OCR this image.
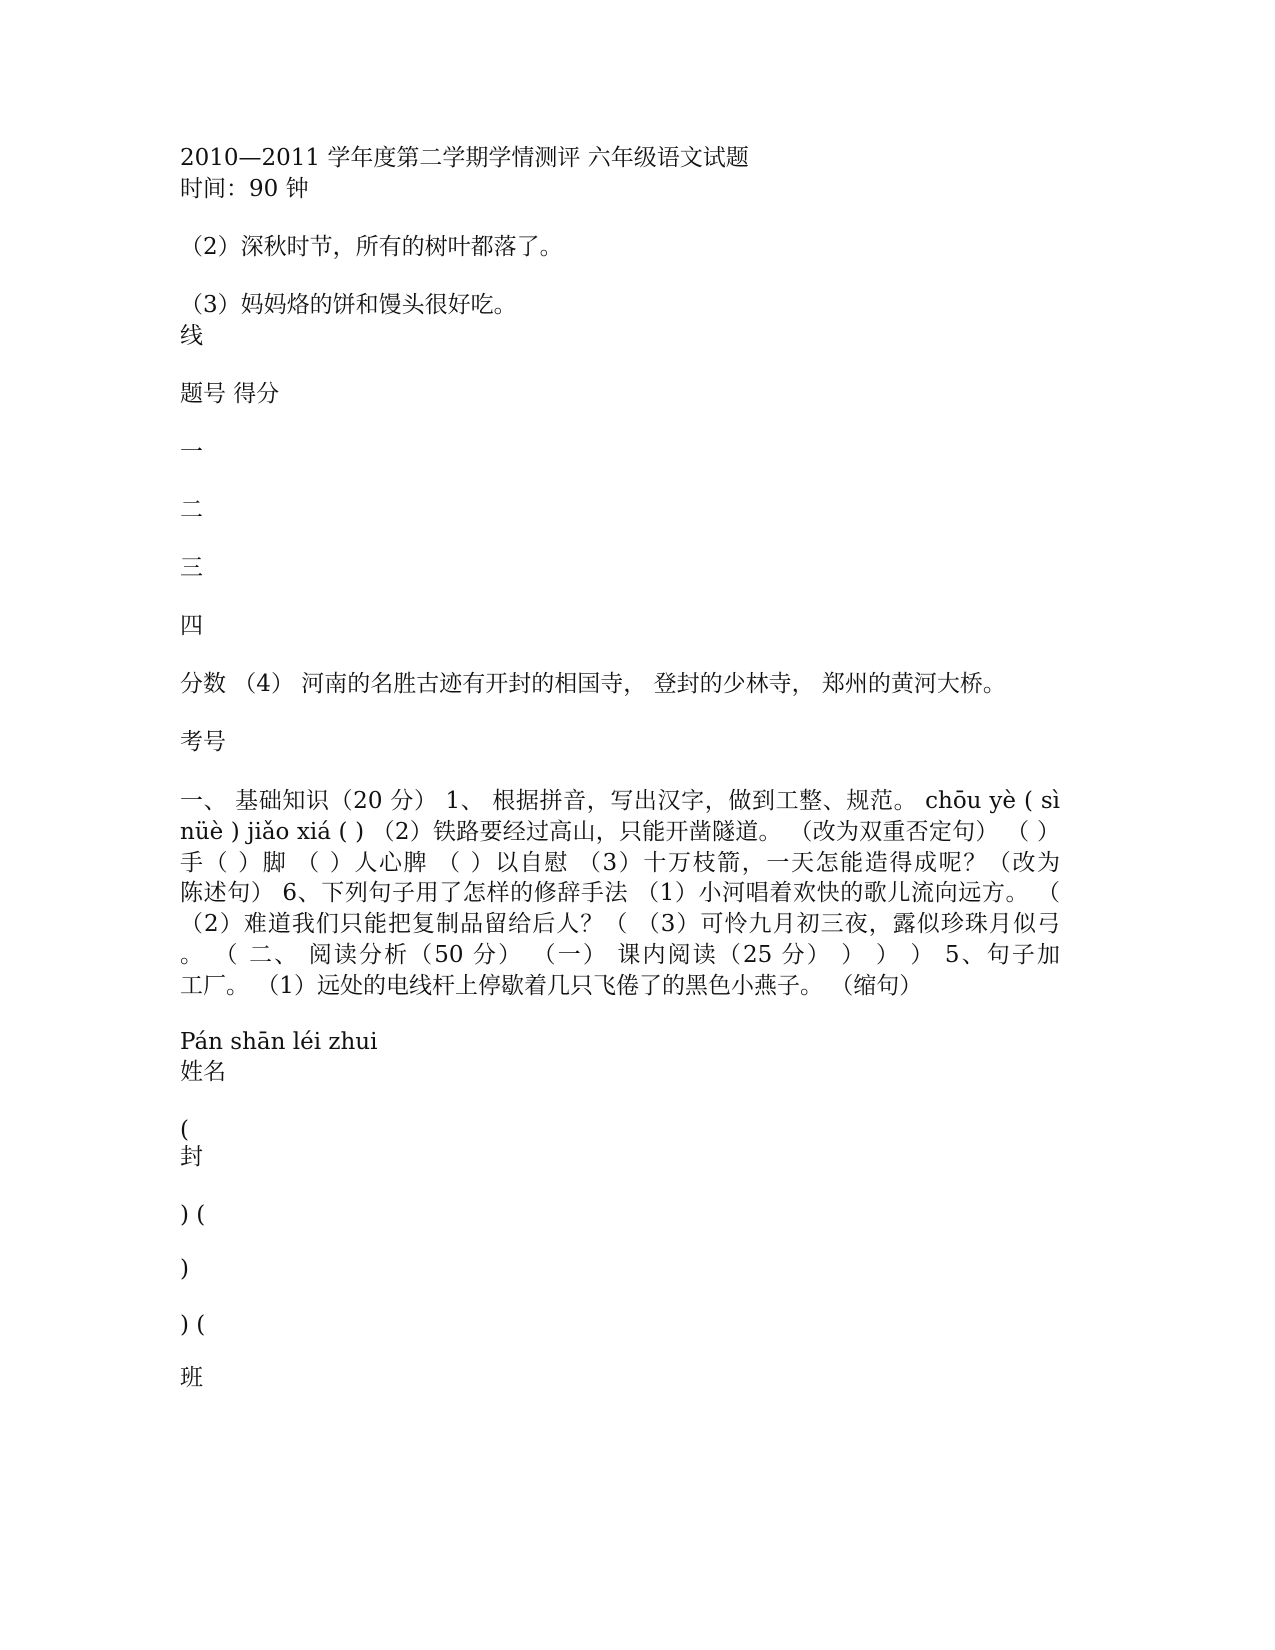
2010—2011 学年度第二学期学情测评 六年级语文试题
时间：90 钟
（2）深秋时节，所有的树叶都落了。
（3）妈妈烙的饼和馒头很好吃。
线
题号 得分
一
二
三
四
分数 （4） 河南的名胜古迹有开封的相国寺， 登封的少林寺， 郑州的黄河大桥。
考号
一、 基础知识（20 分） 1、 根据拼音，写出汉字，做到工整、规范。 chōu yè ( sì
nüè ) jiǎo xiá ( ) （2）铁路要经过高山，只能开凿隧道。 （改为双重否定句） （ ）
手（ ）脚 （ ）人心脾 （ ）以自慰 （3）十万枝箭，一天怎能造得成呢？（改为
陈述句） 6、下列句子用了怎样的修辞手法 （1）小河唱着欢快的歌儿流向远方。 （
（2）难道我们只能把复制品留给后人？（ （3）可怜九月初三夜，露似珍珠月似弓
。 （ 二、 阅读分析（50 分） （一） 课内阅读（25 分） ） ） ） 5、句子加
工厂。 （1）远处的电线杆上停歇着几只飞倦了的黑色小燕子。 （缩句）
Pán shān léi zhui
姓名
(
封
) (
)
) (
班
